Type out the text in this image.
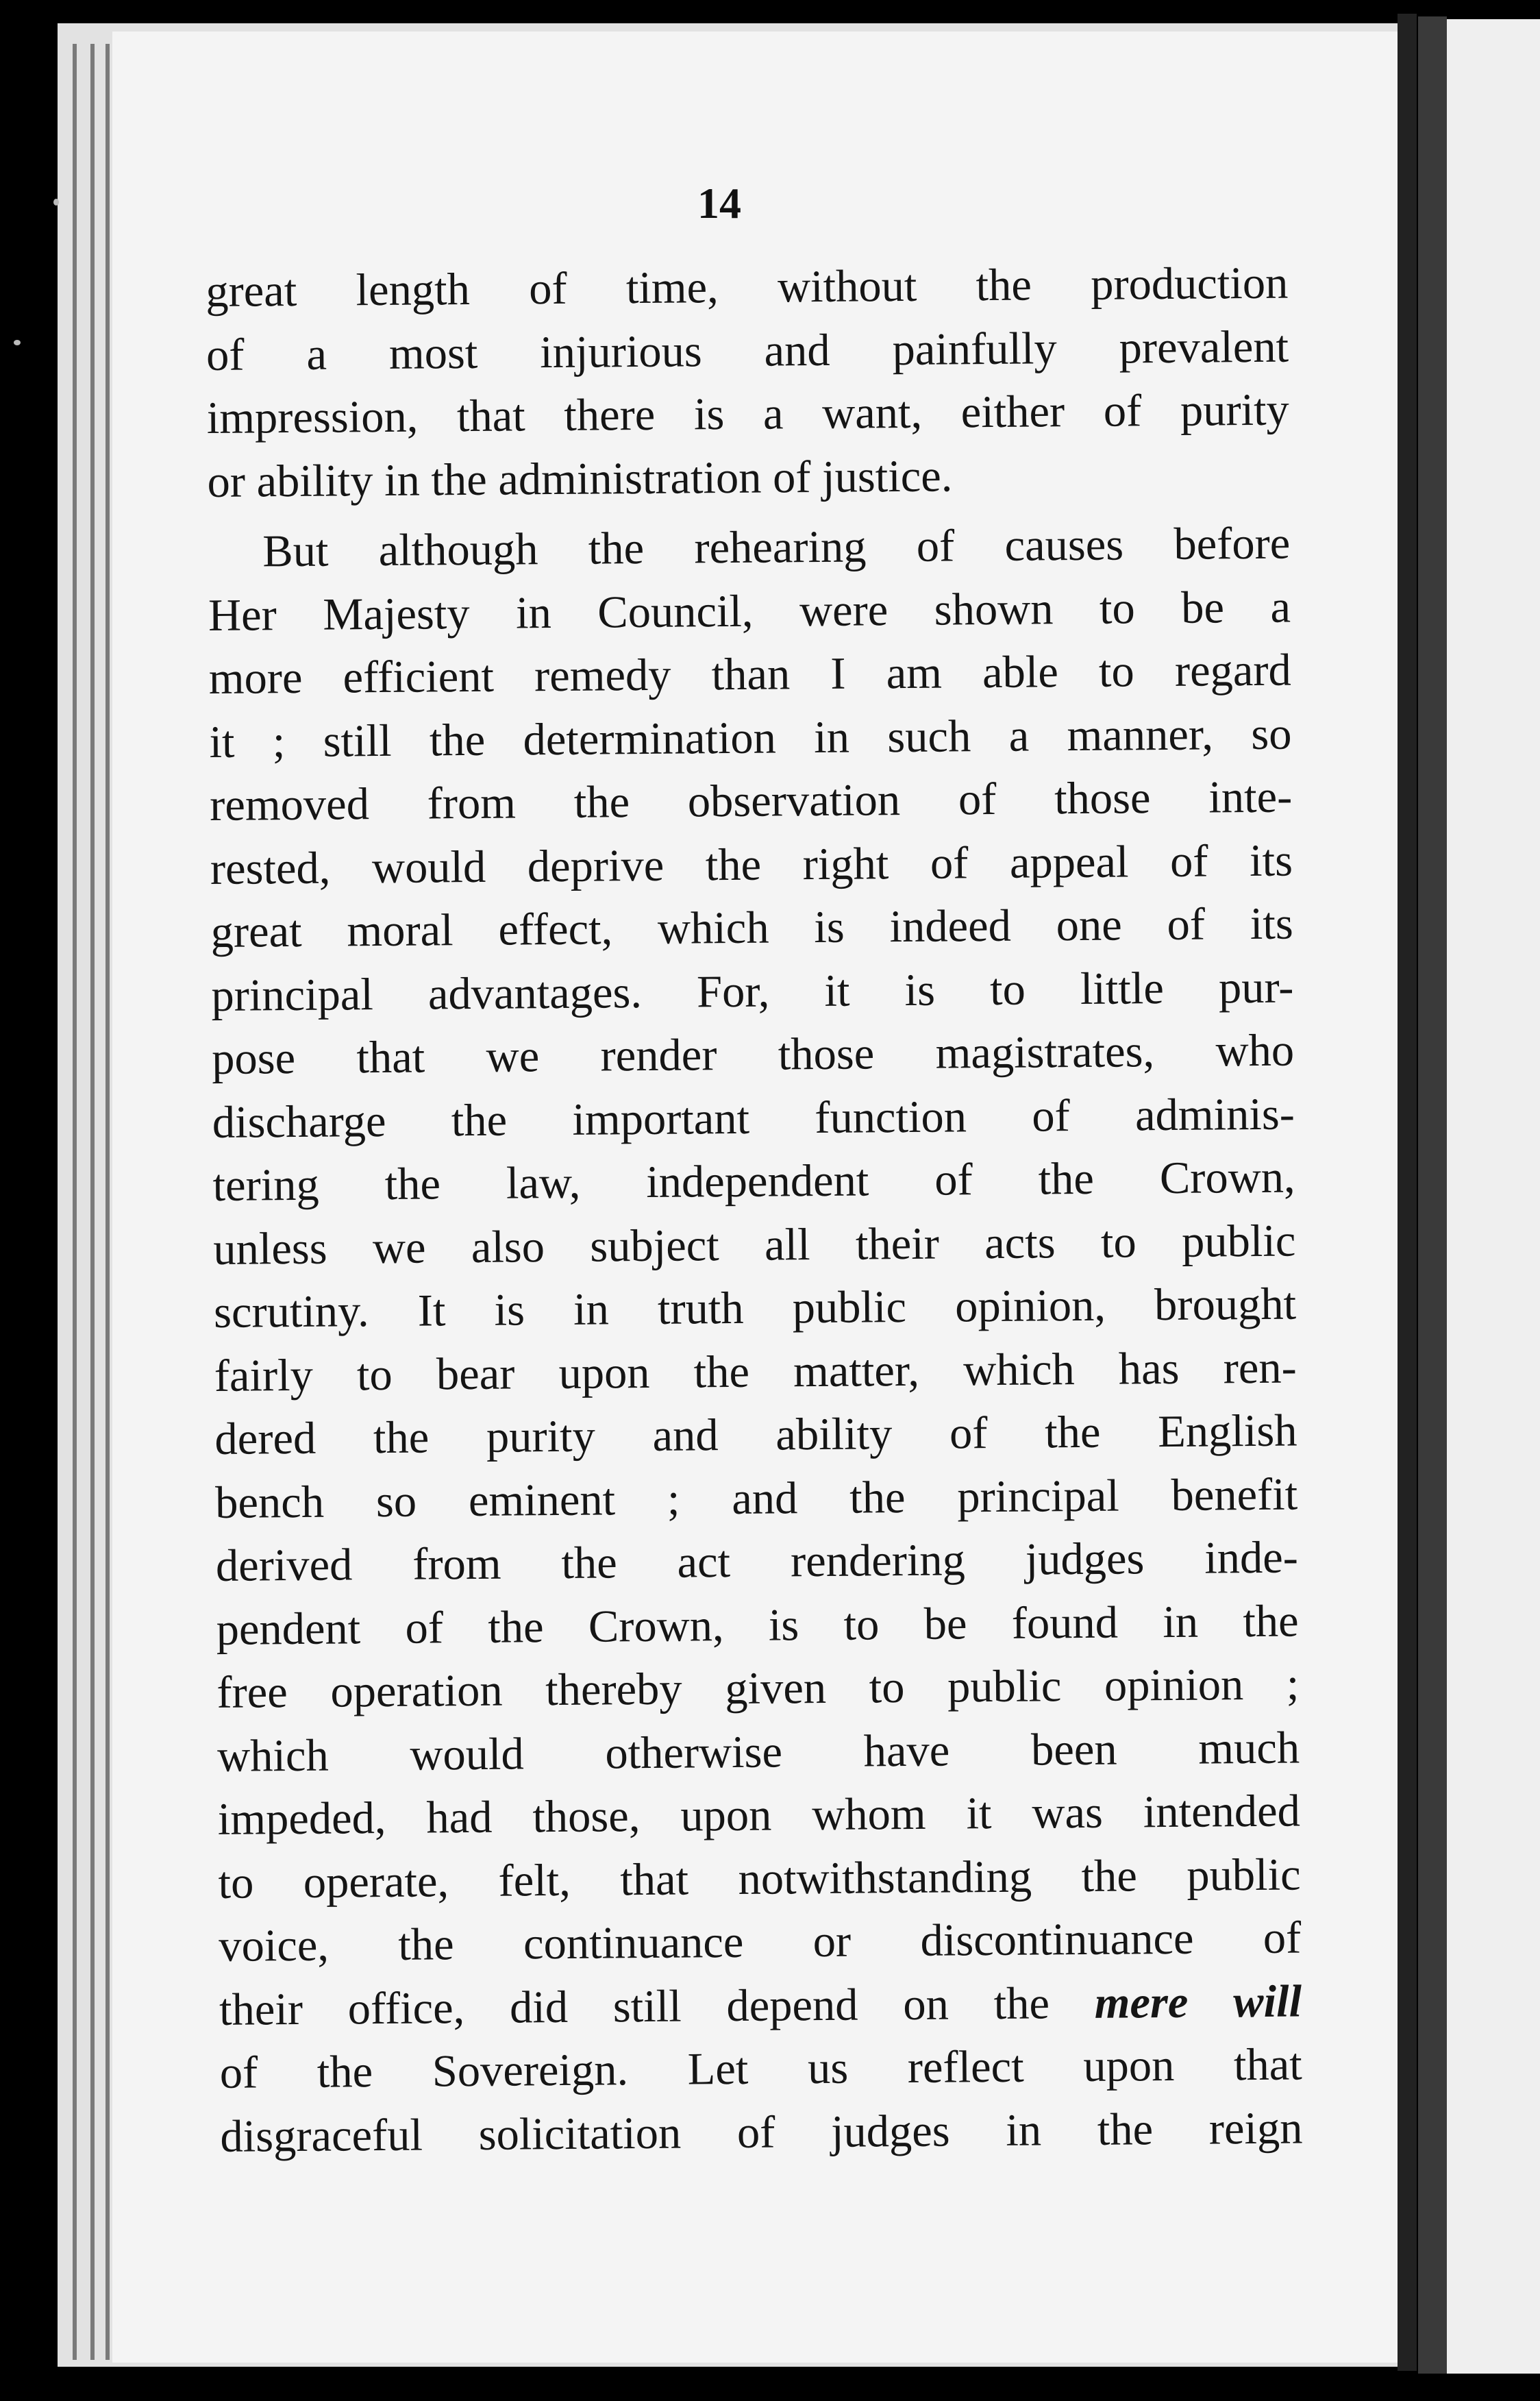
14
great length of time, without the production
of a most injurious and painfully prevalent
impression, that there is a want, either of purity
or ability in the administration of justice.
But although the rehearing of causes before
Her Majesty in Council, were shown to be a
more efficient remedy than I am able to regard
it ; still the determination in such a manner, so
removed from the observation of those inte-
rested, would deprive the right of appeal of its
great moral effect, which is indeed one of its
principal advantages. For, it is to little pur-
pose that we render those magistrates, who
discharge the important function of adminis-
tering the law, independent of the Crown,
unless we also subject all their acts to public
scrutiny. It is in truth public opinion, brought
fairly to bear upon the matter, which has ren-
dered the purity and ability of the English
bench so eminent ; and the principal benefit
derived from the act rendering judges inde-
pendent of the Crown, is to be found in the
free operation thereby given to public opinion ;
which would otherwise have been much
impeded, had those, upon whom it was intended
to operate, felt, that notwithstanding the public
voice, the continuance or discontinuance of
their office, did still depend on the mere will
of the Sovereign. Let us reflect upon that
disgraceful solicitation of judges in the reign
